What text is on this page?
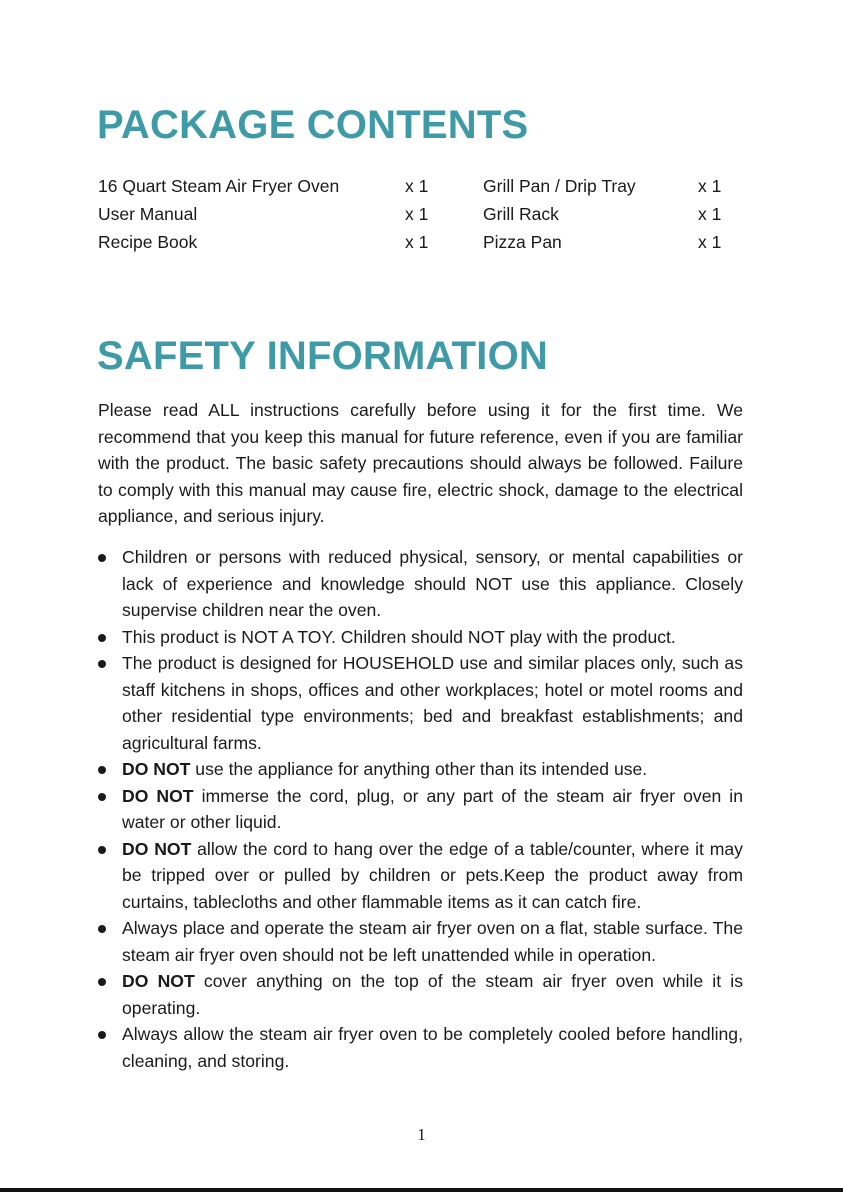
PACKAGE CONTENTS
16 Quart Steam Air Fryer Oven	x 1	Grill Pan / Drip Tray	x 1
User Manual	x 1	Grill Rack	x 1
Recipe Book	x 1	Pizza Pan	x 1
SAFETY INFORMATION

Please read ALL instructions carefully before using it for the first time. We recommend that you keep this manual for future reference, even if you are familiar with the product. The basic safety precautions should always be followed. Failure to comply with this manual may cause fire, electric shock, damage to the electrical appliance, and serious injury.

Children or persons with reduced physical, sensory, or mental capabilities or lack of experience and knowledge should NOT use this appliance. Closely supervise children near the oven.
This product is NOT A TOY. Children should NOT play with the product.
The product is designed for HOUSEHOLD use and similar places only, such as staff kitchens in shops, offices and other workplaces; hotel or motel rooms and other residential type environments; bed and breakfast establishments; and agricultural farms.
DO NOT use the appliance for anything other than its intended use.
DO NOT immerse the cord, plug, or any part of the steam air fryer oven in water or other liquid.
DO NOT allow the cord to hang over the edge of a table/counter, where it may be tripped over or pulled by children or pets.Keep the product away from curtains, tablecloths and other flammable items as it can catch fire.
Always place and operate the steam air fryer oven on a flat, stable surface. The steam air fryer oven should not be left unattended while in operation.
DO NOT cover anything on the top of the steam air fryer oven while it is operating.
Always allow the steam air fryer oven to be completely cooled before handling, cleaning, and storing.
1
